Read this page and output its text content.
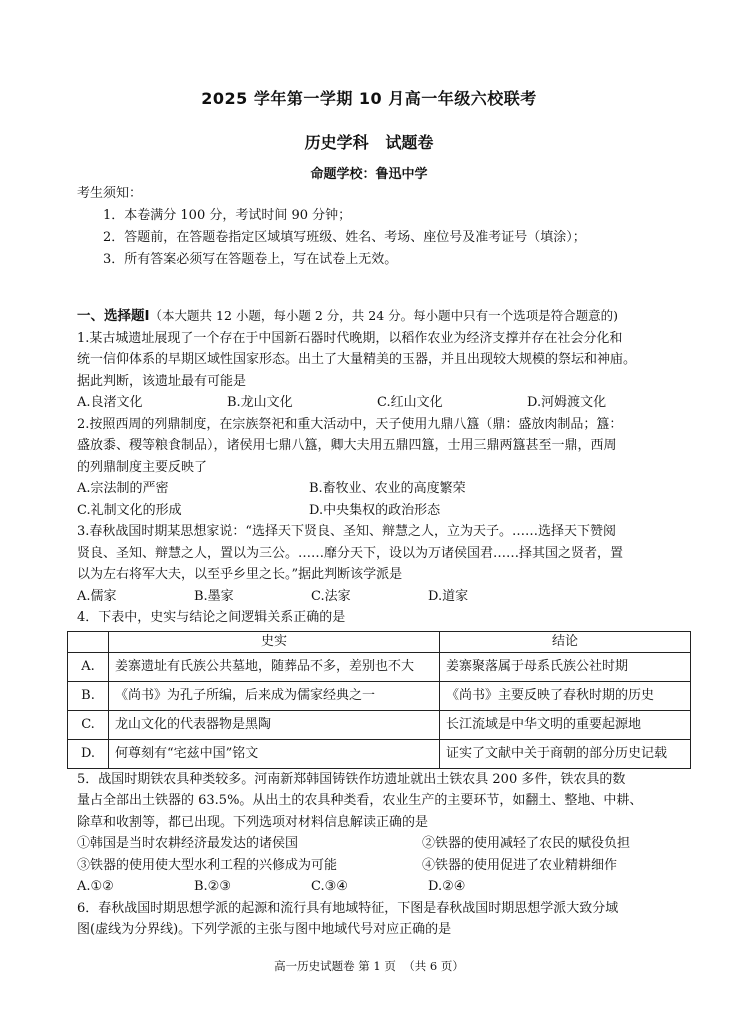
2025 学年第一学期 10 月高一年级六校联考
历史学科   试题卷
命题学校：鲁迅中学

考生须知：

1．本卷满分 100 分，考试时间 90 分钟；

2．答题前，在答题卷指定区域填写班级、姓名、考场、座位号及准考证号（填涂）；

3．所有答案必须写在答题卷上，写在试卷上无效。

一、选择题Ⅰ（本大题共 12 小题，每小题 2 分，共 24 分。每小题中只有一个选项是符合题意的)

1.某古城遗址展现了一个存在于中国新石器时代晚期，以稻作农业为经济支撑并存在社会分化和

统一信仰体系的早期区域性国家形态。出土了大量精美的玉器，并且出现较大规模的祭坛和神庙。

据此判断，该遗址最有可能是

A.良渚文化	B.龙山文化	C.红山文化	D.河姆渡文化

2.按照西周的列鼎制度，在宗族祭祀和重大活动中，天子使用九鼎八簋（鼎：盛放肉制品；簋：

盛放黍、稷等粮食制品），诸侯用七鼎八簋，卿大夫用五鼎四簋，士用三鼎两簋甚至一鼎，西周

的列鼎制度主要反映了

A.宗法制的严密	B.畜牧业、农业的高度繁荣
C.礼制文化的形成	D.中央集权的政治形态

3.春秋战国时期某思想家说：“选择天下贤良、圣知、辩慧之人，立为天子。……选择天下赞阅

贤良、圣知、辩慧之人，置以为三公。……靡分天下，设以为万诸侯国君……择其国之贤者，置

以为左右将军大夫，以至乎乡里之长。”据此判断该学派是

A.儒家	B.墨家	C.法家	D.道家

4．下表中，史实与结论之间逻辑关系正确的是

	史实	结论
A.	姜寨遗址有氏族公共墓地，随葬品不多，差别也不大	姜寨聚落属于母系氏族公社时期
B.	《尚书》为孔子所编，后来成为儒家经典之一	《尚书》主要反映了春秋时期的历史
C.	龙山文化的代表器物是黑陶	长江流域是中华文明的重要起源地
D.	何尊刻有“宅兹中国”铭文	证实了文献中关于商朝的部分历史记载

5．战国时期铁农具种类较多。河南新郑韩国铸铁作坊遗址就出土铁农具 200 多件，铁农具的数

量占全部出土铁器的 63.5%。从出土的农具种类看，农业生产的主要环节，如翻土、整地、中耕、

除草和收割等，都已出现。下列选项对材料信息解读正确的是

①韩国是当时农耕经济最发达的诸侯国	②铁器的使用减轻了农民的赋役负担
③铁器的使用使大型水利工程的兴修成为可能	④铁器的使用促进了农业精耕细作
A.①②	B.②③	C.③④	D.②④

6．春秋战国时期思想学派的起源和流行具有地域特征，下图是春秋战国时期思想学派大致分域

图(虚线为分界线)。下列学派的主张与图中地域代号对应正确的是

高一历史试题卷 第 1 页  （共 6 页）
